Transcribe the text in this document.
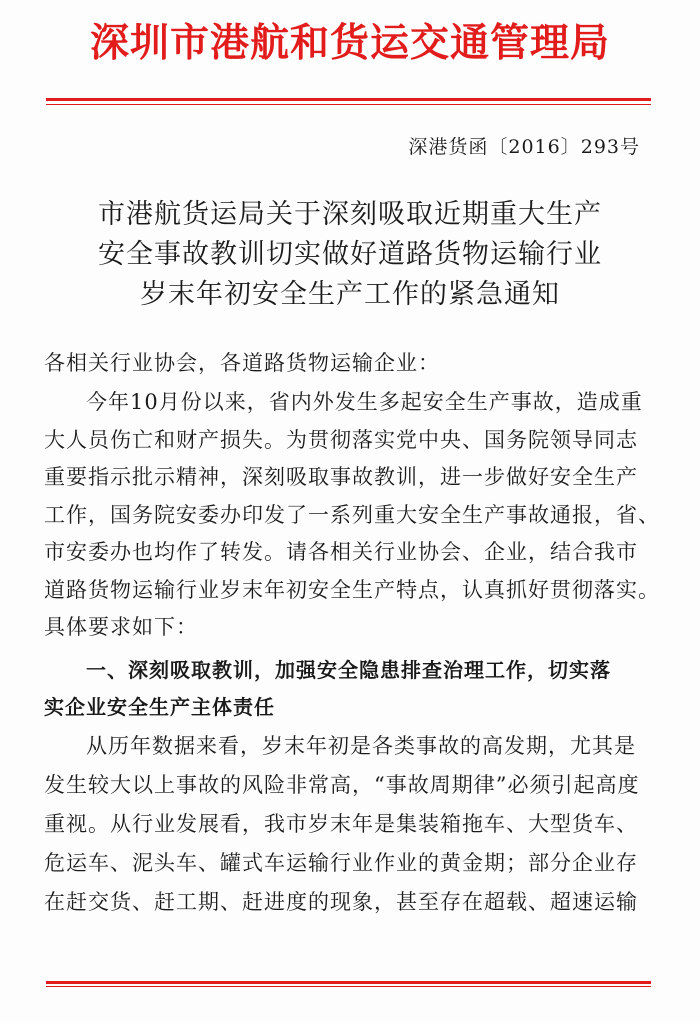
深圳市港航和货运交通管理局
深港货函〔2016〕293号
市港航货运局关于深刻吸取近期重大生产
安全事故教训切实做好道路货物运输行业
岁末年初安全生产工作的紧急通知
各相关行业协会，各道路货物运输企业：
今年10月份以来，省内外发生多起安全生产事故，造成重
大人员伤亡和财产损失。为贯彻落实党中央、国务院领导同志
重要指示批示精神，深刻吸取事故教训，进一步做好安全生产
工作，国务院安委办印发了一系列重大安全生产事故通报，省、
市安委办也均作了转发。请各相关行业协会、企业，结合我市
道路货物运输行业岁末年初安全生产特点，认真抓好贯彻落实。
具体要求如下：
一、深刻吸取教训，加强安全隐患排查治理工作，切实落
实企业安全生产主体责任
从历年数据来看，岁末年初是各类事故的高发期，尤其是
发生较大以上事故的风险非常高，“事故周期律”必须引起高度
重视。从行业发展看，我市岁末年是集装箱拖车、大型货车、
危运车、泥头车、罐式车运输行业作业的黄金期；部分企业存
在赶交货、赶工期、赶进度的现象，甚至存在超载、超速运输
